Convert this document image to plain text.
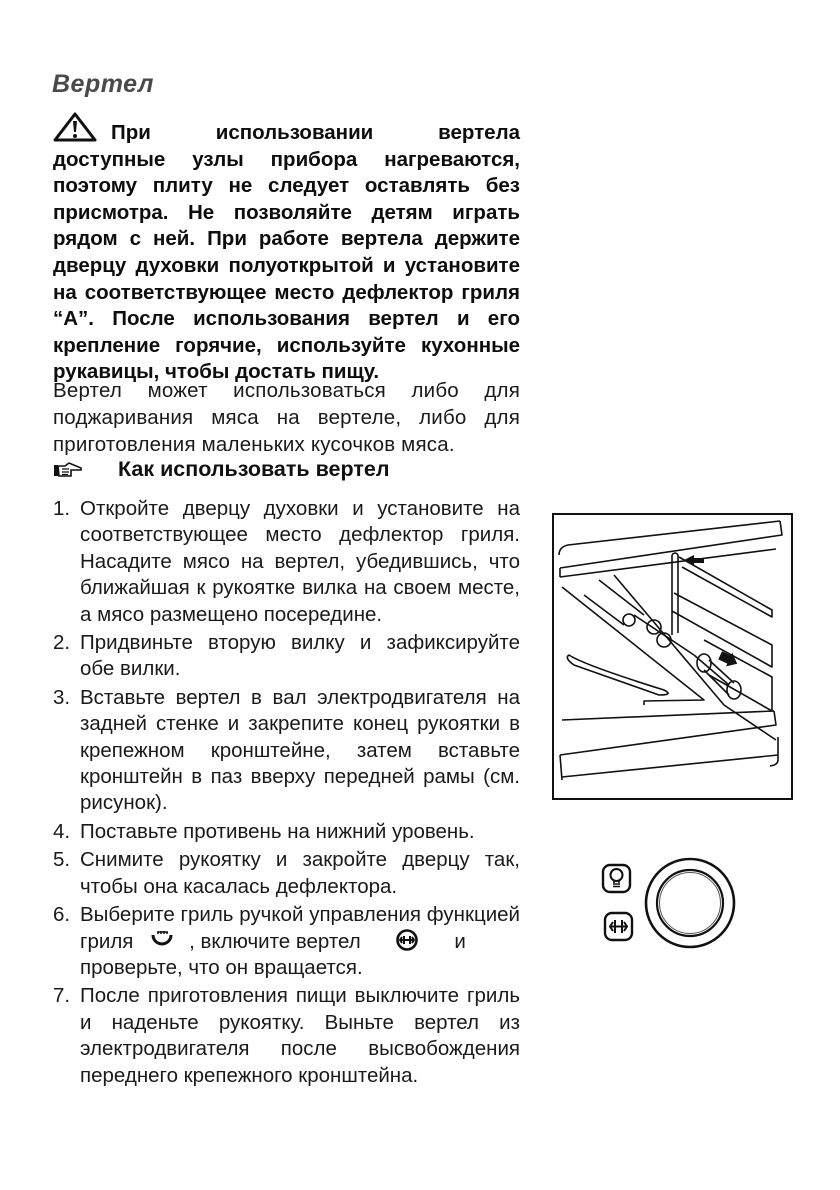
Вертел
При использовании вертела
доступные узлы прибора нагреваются, поэтому плиту не следует оставлять без присмотра. Не позволяйте детям играть рядом с ней. При работе вертела держите дверцу духовки полуоткрытой и установите на соответствующее место дефлектор гриля “A”. После использования вертел и его крепление горячие, используйте кухонные рукавицы, чтобы достать пищу.
Вертел может использоваться либо для
поджаривания мяса на вертеле, либо для
приготовления маленьких кусочков мяса.
Как использовать вертел
1. Откройте дверцу духовки и установите на соответствующее место дефлектор гриля. Насадите мясо на вертел, убедившись, что ближайшая к рукоятке вилка на своем месте, а мясо размещено посередине.
2. Придвиньте вторую вилку и зафиксируйте обе вилки.
3. Вставьте вертел в вал электродвигателя на задней стенке и закрепите конец рукоятки в крепежном кронштейне, затем вставьте кронштейн в паз вверху передней рамы (см. рисунок).
4. Поставьте противень на нижний уровень.
5. Снимите рукоятку и закройте дверцу так, чтобы она касалась дефлектора.
6. Выберите гриль ручкой управления функцией гриля	, включите вертел	и
проверьте, что он вращается.
7. После приготовления пищи выключите гриль и наденьте рукоятку. Выньте вертел из электродвигателя после высвобождения переднего крепежного кронштейна.
